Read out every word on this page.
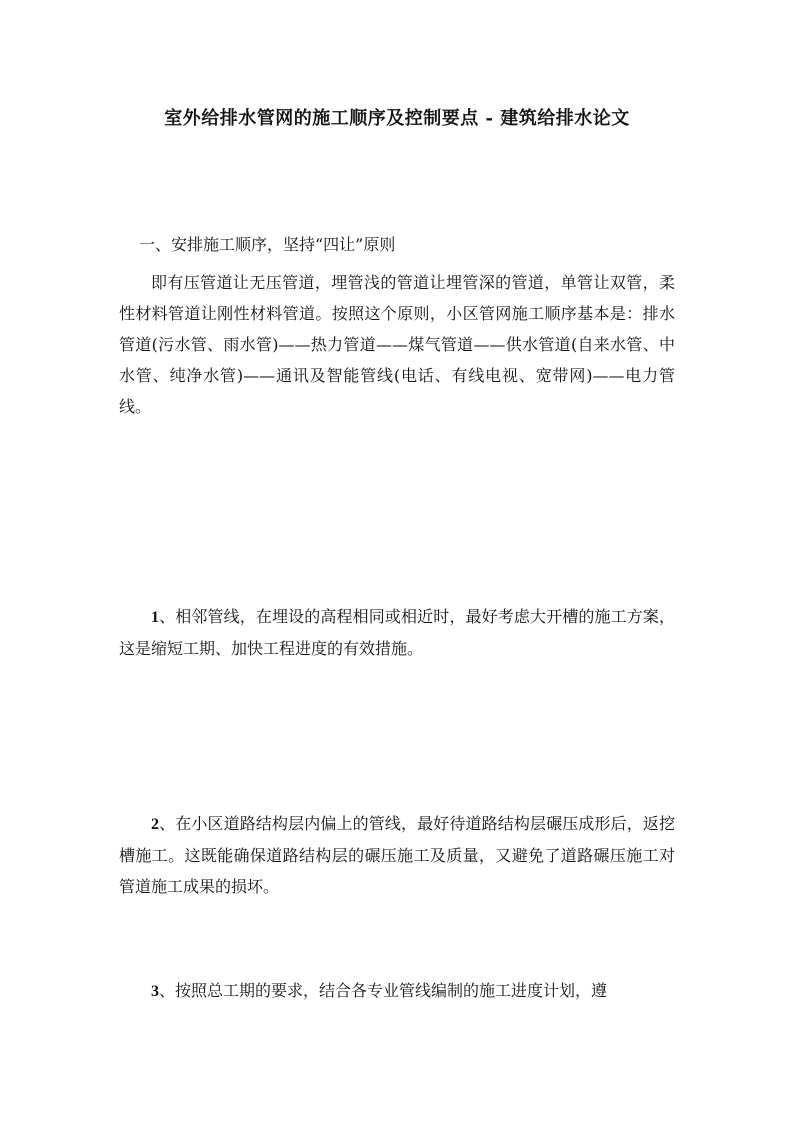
室外给排水管网的施工顺序及控制要点 - 建筑给排水论文
一、安排施工顺序，坚持“四让”原则

即有压管道让无压管道，埋管浅的管道让埋管深的管道，单管让双管，柔性材料管道让刚性材料管道。按照这个原则，小区管网施工顺序基本是：排水管道(污水管、雨水管)——热力管道——煤气管道——供水管道(自来水管、中水管、纯净水管)——通讯及智能管线(电话、有线电视、宽带网)——电力管线。

1、相邻管线，在埋设的高程相同或相近时，最好考虑大开槽的施工方案，这是缩短工期、加快工程进度的有效措施。

2、在小区道路结构层内偏上的管线，最好待道路结构层碾压成形后，返挖槽施工。这既能确保道路结构层的碾压施工及质量，又避免了道路碾压施工对管道施工成果的损坏。

3、按照总工期的要求，结合各专业管线编制的施工进度计划，遵
